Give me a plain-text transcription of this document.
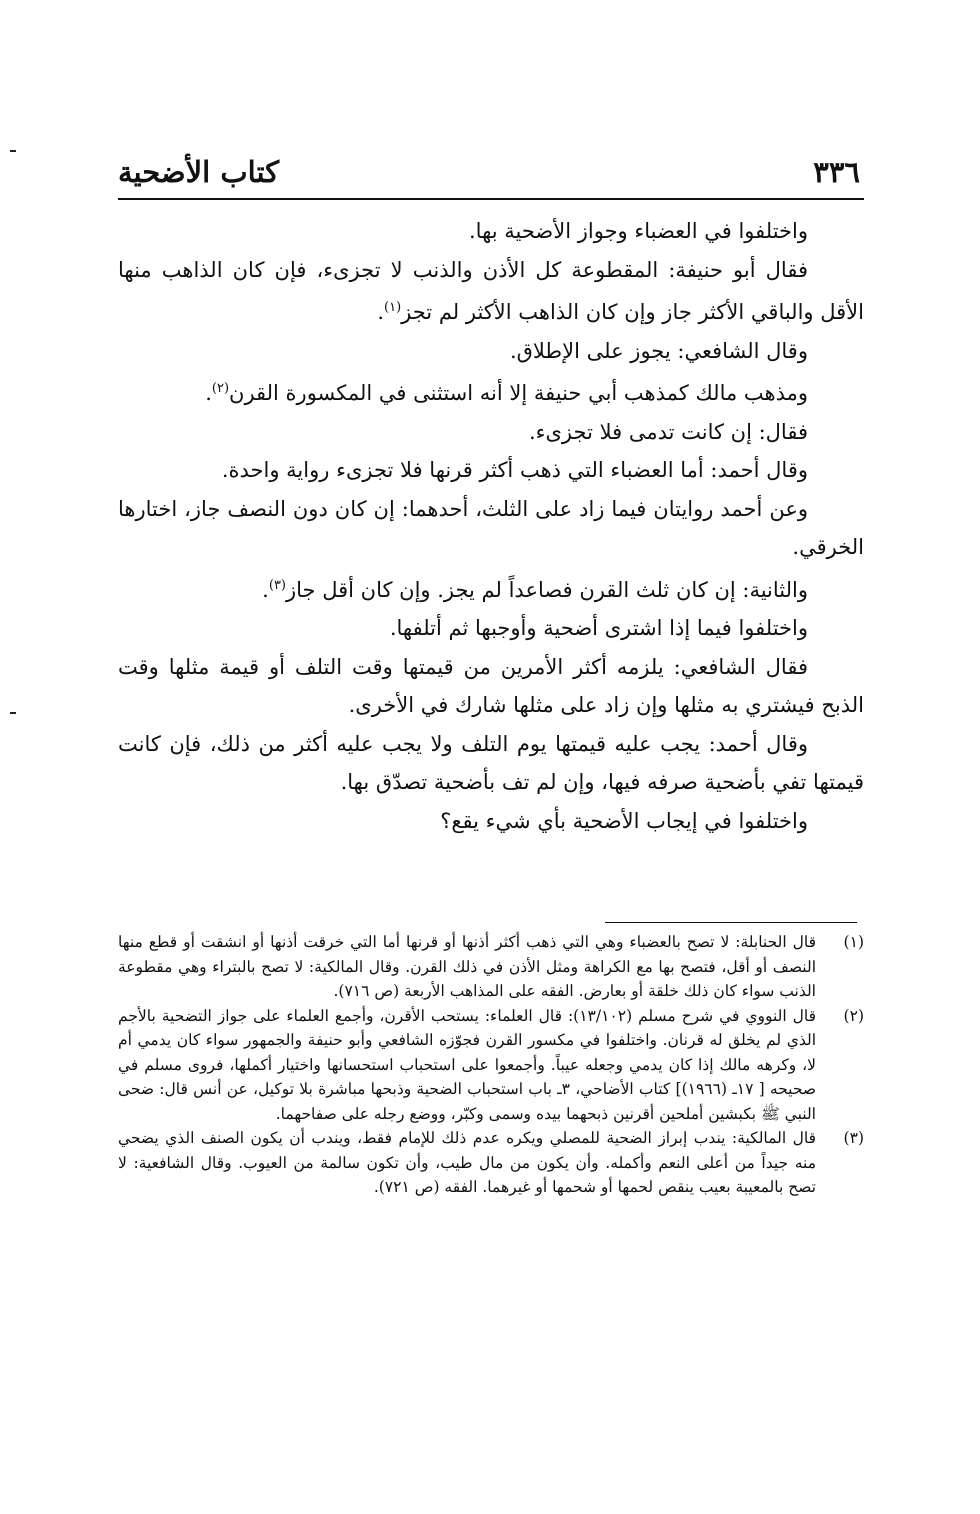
كتاب الأضحية	٣٣٦

واختلفوا في العضباء وجواز الأضحية بها.

فقال أبو حنيفة: المقطوعة كل الأذن والذنب لا تجزىء، فإن كان الذاهب منها الأقل والباقي الأكثر جاز وإن كان الذاهب الأكثر لم تجز$^{(١)}$.

وقال الشافعي: يجوز على الإطلاق.

ومذهب مالك كمذهب أبي حنيفة إلا أنه استثنى في المكسورة القرن$^{(٢)}$.

فقال: إن كانت تدمى فلا تجزىء.

وقال أحمد: أما العضباء التي ذهب أكثر قرنها فلا تجزىء رواية واحدة.

وعن أحمد روايتان فيما زاد على الثلث، أحدهما: إن كان دون النصف جاز، اختارها الخرقي.

والثانية: إن كان ثلث القرن فصاعداً لم يجز. وإن كان أقل جاز$^{(٣)}$.

واختلفوا فيما إذا اشترى أضحية وأوجبها ثم أتلفها.

فقال الشافعي: يلزمه أكثر الأمرين من قيمتها وقت التلف أو قيمة مثلها وقت الذبح فيشتري به مثلها وإن زاد على مثلها شارك في الأخرى.

وقال أحمد: يجب عليه قيمتها يوم التلف ولا يجب عليه أكثر من ذلك، فإن كانت قيمتها تفي بأضحية صرفه فيها، وإن لم تف بأضحية تصدّق بها.

واختلفوا في إيجاب الأضحية بأي شيء يقع؟

(١)

قال الحنابلة: لا تصح بالعضباء وهي التي ذهب أكثر أذنها أو قرنها أما التي خرقت أذنها أو انشقت أو قطع منها النصف أو أقل، فتصح بها مع الكراهة ومثل الأذن في ذلك القرن. وقال المالكية: لا تصح بالبتراء وهي مقطوعة الذنب سواء كان ذلك خلقة أو بعارض. الفقه على المذاهب الأربعة (ص ٧١٦).

(٢)

قال النووي في شرح مسلم (١٣/١٠٢): قال العلماء: يستحب الأقرن، وأجمع العلماء على جواز التضحية بالأجم الذي لم يخلق له قرنان. واختلفوا في مكسور القرن فجوّزه الشافعي وأبو حنيفة والجمهور سواء كان يدمي أم لا، وكرهه مالك إذا كان يدمي وجعله عيباً. وأجمعوا على استحباب استحسانها واختيار أكملها، فروى مسلم في صحيحه [ ١٧ـ (١٩٦٦)] كتاب الأضاحي، ٣ـ باب استحباب الضحية وذبحها مباشرة بلا توكيل، عن أنس قال: ضحى النبي ﷺ بكبشين أملحين أقرنين ذبحهما بيده وسمى وكبّر، ووضع رجله على صفاحهما.

(٣)

قال المالكية: يندب إبراز الضحية للمصلي ويكره عدم ذلك للإمام فقط، ويندب أن يكون الصنف الذي يضحي منه جيداً من أعلى النعم وأكمله. وأن يكون من مال طيب، وأن تكون سالمة من العيوب. وقال الشافعية: لا تصح بالمعيبة بعيب ينقص لحمها أو شحمها أو غيرهما. الفقه (ص ٧٢١).
